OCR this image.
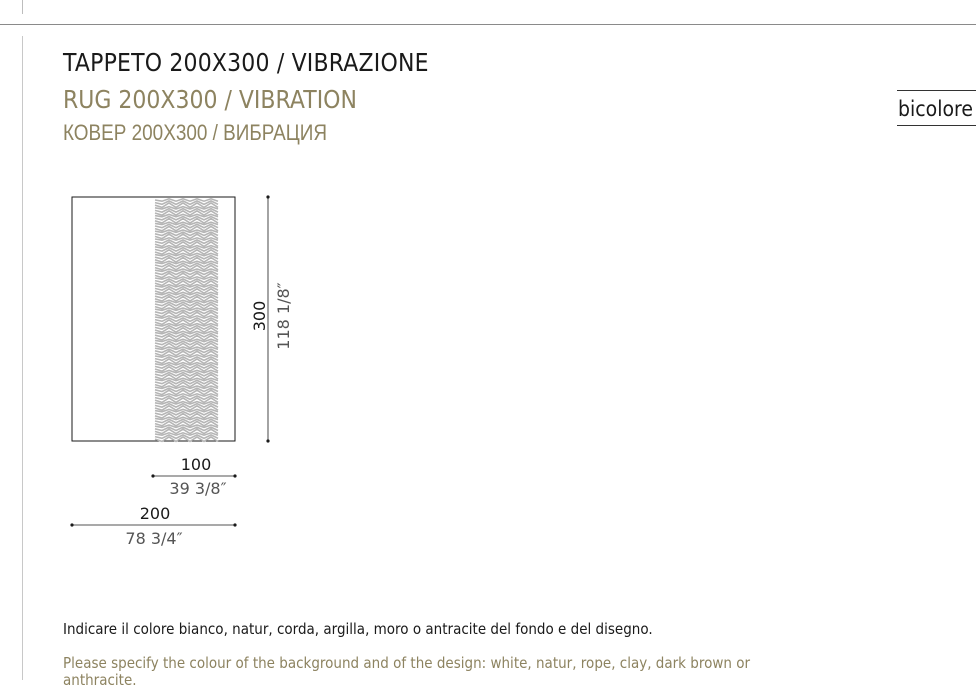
TAPPETO 200X300 / VIBRAZIONE
RUG 200X300 / VIBRATION
КОВЕР 200X300 / ВИБРАЦИЯ
bicolore
300 118 1/8″
100
39 3/8″
200
78 3/4″
Indicare il colore bianco, natur, corda, argilla, moro o antracite del fondo e del disegno.
Please specify the colour of the background and of the design: white, natur, rope, clay, dark brown or anthracite.
